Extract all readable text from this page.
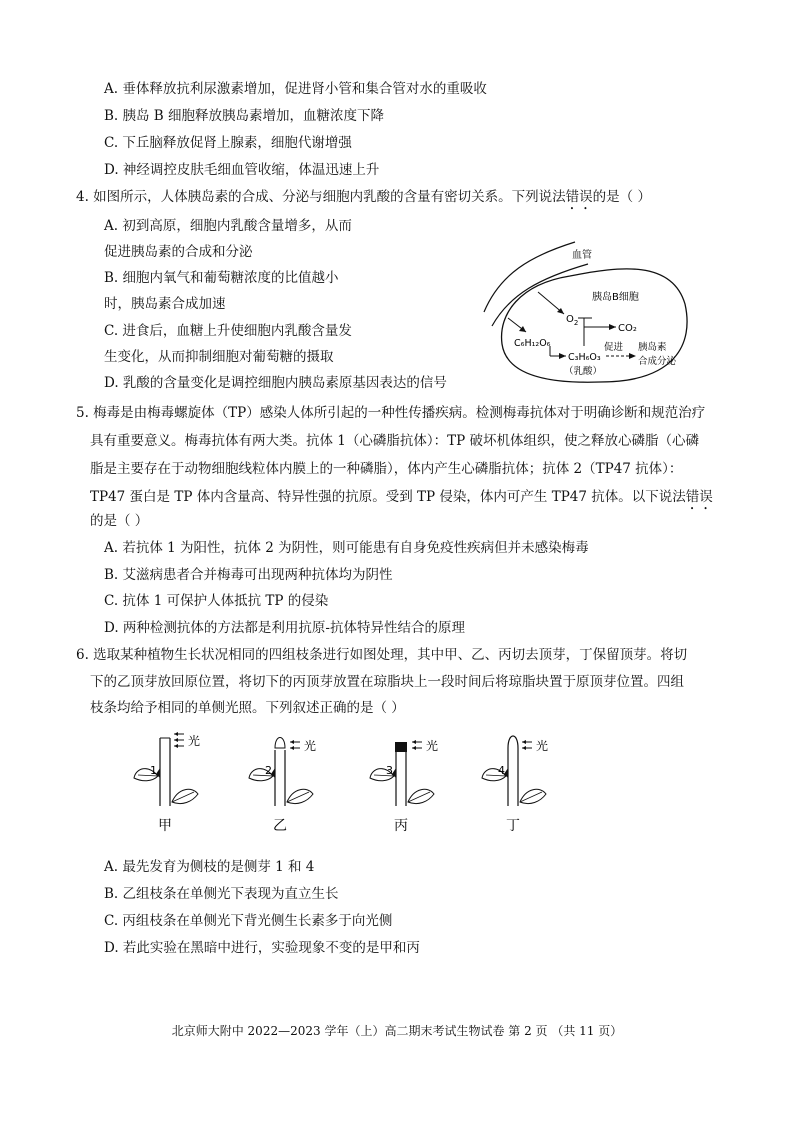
A. 垂体释放抗利尿激素增加，促进肾小管和集合管对水的重吸收
B. 胰岛 B 细胞释放胰岛素增加，血糖浓度下降
C. 下丘脑释放促肾上腺素，细胞代谢增强
D. 神经调控皮肤毛细血管收缩，体温迅速上升
4. 如图所示，人体胰岛素的合成、分泌与细胞内乳酸的含量有密切关系。下列说法错误的是（ ）
A. 初到高原，细胞内乳酸含量增多，从而
促进胰岛素的合成和分泌
B. 细胞内氧气和葡萄糖浓度的比值越小
时，胰岛素合成加速
C. 进食后，血糖上升使细胞内乳酸含量发
生变化，从而抑制细胞对葡萄糖的摄取
D. 乳酸的含量变化是调控细胞内胰岛素原基因表达的信号
血管
胰岛B细胞
$O_2$
C₆H₁₂O₆
CO₂
C₃H₆O₃
（乳酸）
促进 胰岛素
合成分泌
5. 梅毒是由梅毒螺旋体（TP）感染人体所引起的一种性传播疾病。检测梅毒抗体对于明确诊断和规范治疗
具有重要意义。梅毒抗体有两大类。抗体 1（心磷脂抗体）：TP 破坏机体组织，使之释放心磷脂（心磷
脂是主要存在于动物细胞线粒体内膜上的一种磷脂），体内产生心磷脂抗体；抗体 2（TP47 抗体）：
TP47 蛋白是 TP 体内含量高、特异性强的抗原。受到 TP 侵染，体内可产生 TP47 抗体。以下说法错误
的是（ ）
A. 若抗体 1 为阳性，抗体 2 为阴性，则可能患有自身免疫性疾病但并未感染梅毒
B. 艾滋病患者合并梅毒可出现两种抗体均为阴性
C. 抗体 1 可保护人体抵抗 TP 的侵染
D. 两种检测抗体的方法都是利用抗原-抗体特异性结合的原理
6. 选取某种植物生长状况相同的四组枝条进行如图处理，其中甲、乙、丙切去顶芽，丁保留顶芽。将切
下的乙顶芽放回原位置，将切下的丙顶芽放置在琼脂块上一段时间后将琼脂块置于原顶芽位置。四组
枝条均给予相同的单侧光照。下列叙述正确的是（ ）
光
1
甲
光
2
乙
光
3
丙
光
4
丁
A. 最先发育为侧枝的是侧芽 1 和 4
B. 乙组枝条在单侧光下表现为直立生长
C. 丙组枝条在单侧光下背光侧生长素多于向光侧
D. 若此实验在黑暗中进行，实验现象不变的是甲和丙
北京师大附中 2022—2023 学年（上）高二期末考试生物试卷 第 2 页 （共 11 页）
